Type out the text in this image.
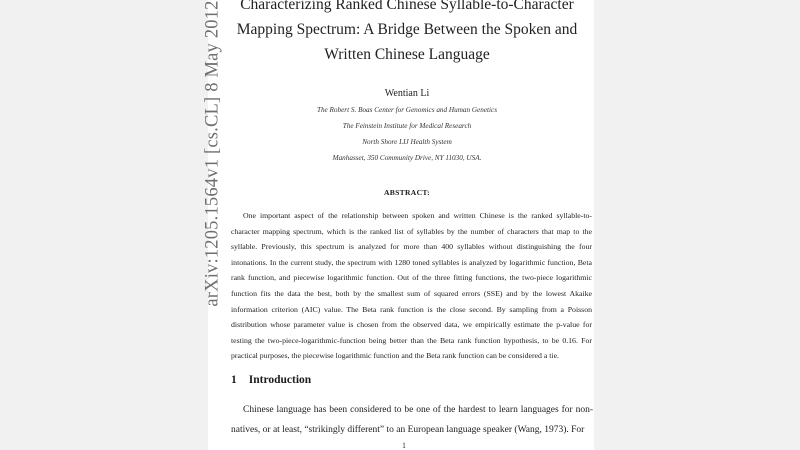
arXiv:1205.1564v1 [cs.CL] 8 May 2012	Characterizing Ranked Chinese Syllable-to-Character Mapping Spectrum: A Bridge Between the Spoken and Written Chinese Language
Wentian Li
The Robert S. Boas Center for Genomics and Human Genetics
The Feinstein Institute for Medical Research
North Shore LIJ Health System
Manhasset, 350 Community Drive, NY 11030, USA.
ABSTRACT:

One important aspect of the relationship between spoken and written Chinese is the ranked syllable-to-character mapping spectrum, which is the ranked list of syllables by the number of characters that map to the syllable. Previously, this spectrum is analyzed for more than 400 syllables without distinguishing the four intonations. In the current study, the spectrum with 1280 toned syllables is analyzed by logarithmic function, Beta rank function, and piecewise logarithmic function. Out of the three fitting functions, the two-piece logarithmic function fits the data the best, both by the smallest sum of squared errors (SSE) and by the lowest Akaike information criterion (AIC) value. The Beta rank function is the close second. By sampling from a Poisson distribution whose parameter value is chosen from the observed data, we empirically estimate the p-value for testing the two-piece-logarithmic-function being better than the Beta rank function hypothesis, to be 0.16. For practical purposes, the piecewise logarithmic function and the Beta rank function can be considered a tie.

1 Introduction

Chinese language has been considered to be one of the hardest to learn languages for non-natives, or at least, “strikingly different” to an European language speaker (Wang, 1973). For

1
